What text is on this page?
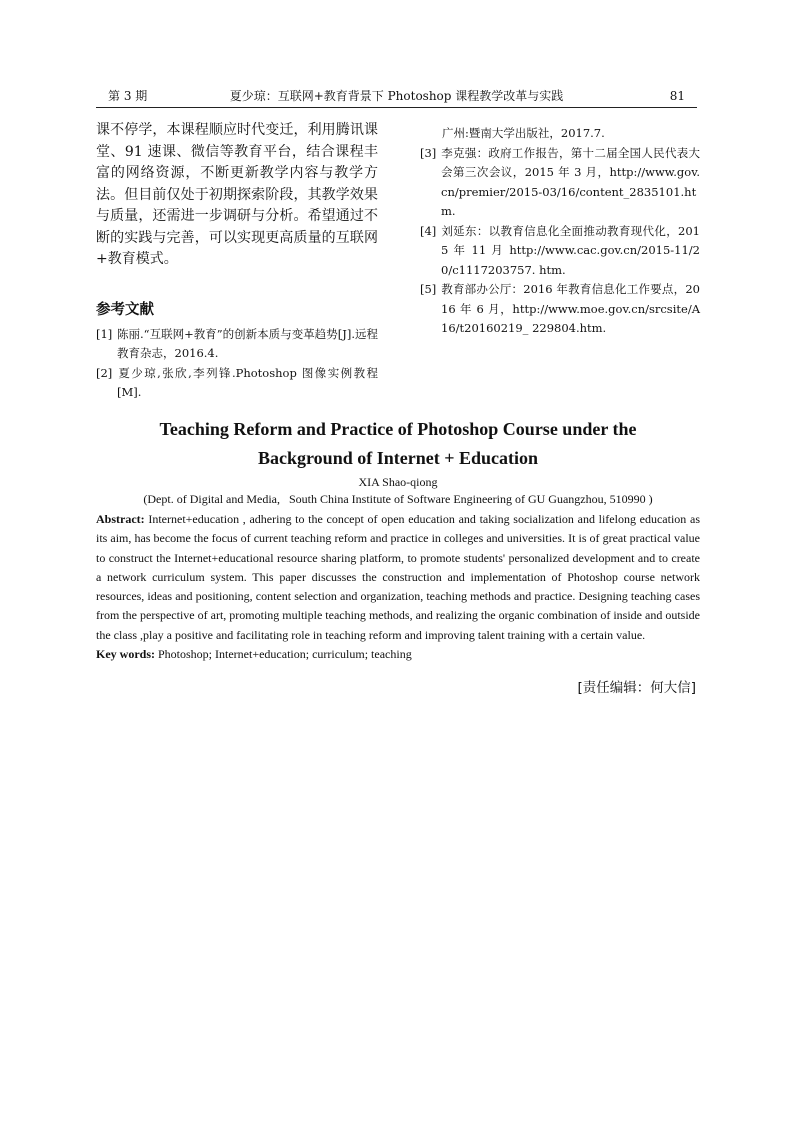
第 3 期	夏少琼：互联网+教育背景下 Photoshop 课程教学改革与实践	81

课不停学，本课程顺应时代变迁，利用腾讯课堂、91 速课、微信等教育平台，结合课程丰富的网络资源，不断更新教学内容与教学方法。但目前仅处于初期探索阶段，其教学效果与质量，还需进一步调研与分析。希望通过不断的实践与完善，可以实现更高质量的互联网+教育模式。

参考文献

[1] 陈丽.“互联网+教育”的创新本质与变革趋势[J].远程教育杂志，2016.4.

[2] 夏少琼,张欣,李列锋.Photoshop 图像实例教程[M].

广州:暨南大学出版社，2017.7.

[3] 李克强：政府工作报告，第十二届全国人民代表大会第三次会议，2015 年 3 月，http://www.gov.cn/premier/2015-03/16/content_2835101.htm.

[4] 刘延东：以教育信息化全面推动教育现代化，2015 年 11 月 http://www.cac.gov.cn/2015-11/20/c1117203757. htm.

[5] 教育部办公厅：2016 年教育信息化工作要点，2016 年 6 月，http://www.moe.gov.cn/srcsite/A16/t20160219_ 229804.htm.

Teaching Reform and Practice of Photoshop Course under the
Background of Internet + Education

XIA Shao-qiong

(Dept. of Digital and Media,   South China Institute of Software Engineering of GU Guangzhou, 510990 )

Abstract: Internet+education , adhering to the concept of open education and taking socialization and lifelong education as its aim, has become the focus of current teaching reform and practice in colleges and universities. It is of great practical value to construct the Internet+educational resource sharing platform, to promote students' personalized development and to create a network curriculum system. This paper discusses the construction and implementation of Photoshop course network resources, ideas and positioning, content selection and organization, teaching methods and practice. Designing teaching cases from the perspective of art, promoting multiple teaching methods, and realizing the organic combination of inside and outside the class ,play a positive and facilitating role in teaching reform and improving talent training with a certain value.

Key words: Photoshop; Internet+education; curriculum; teaching

[责任编辑：何大信]
